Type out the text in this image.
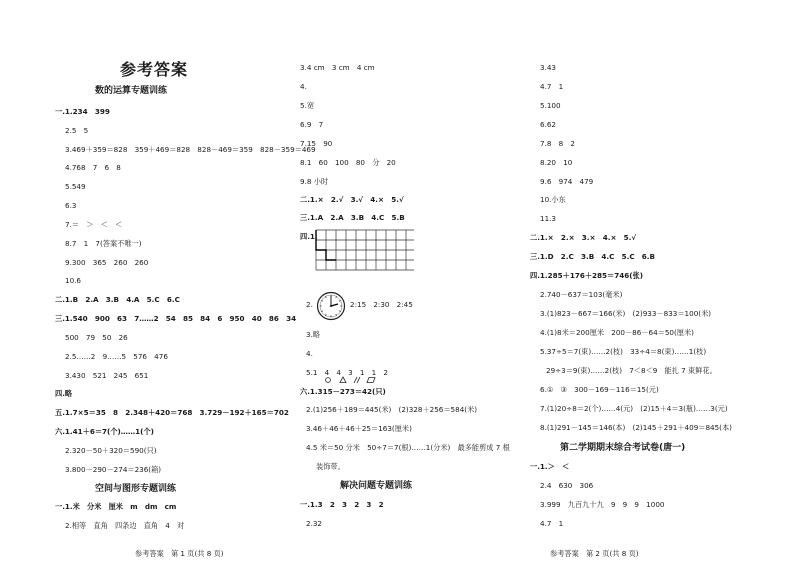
参考答案
数的运算专题训练
一.1.234　399
2.5　5
3.469＋359＝828　359＋469＝828　828－469＝359　828－359＝469
4.768　7　6　8
5.549
6.3
7.＝　＞　＜　＜
8.7　1　7(答案不唯一)
9.300　365　260　260
10.6
二.1.B　2.A　3.B　4.A　5.C　6.C
三.1.540　900　63　7……2　54　85　84　6　950　40　86　34
500　79　50　26
2.5……2　9……5　576　476
3.430　521　245　651
四.略
五.1.7×5＝35　8　2.348＋420＝768　3.729－192＋165＝702
六.1.41＋6＝7(个)……1(个)
2.320－50＋320＝590(只)
3.800－290－274＝236(箱)
空间与图形专题训练
一.1.米　分米　厘米　m　dm　cm
2.相等　直角　四条边　直角　4　对
参考答案　第 1 页(共 8 页)
3.4 cm　3 cm　4 cm
4.
5.宽
6.9　7
7.15　90
8.1　60　100　80　分　20
9.8 小时
二.1.×　2.√　3.√　4.×　5.√
三.1.A　2.A　3.B　4.C　5.B
四.1.
2.	2:15　2:30　2:45
3.略
4.
5.1　4　4　3　1　1　2
六.1.315－273＝42(只)
2.(1)256＋189＝445(米)　(2)328＋256＝584(米)
3.46＋46＋46＋25＝163(厘米)
4.5 米＝50 分米　50÷7＝7(根)……1(分米)　最多能剪成 7 根
装饰带。
解决问题专题训练
一.1.3　2　3　2　3　2
2.32
3.43
4.7　1
5.100
6.62
7.8　8　2
8.20　10
9.6　974　479
10.小东
11.3
二.1.×　2.×　3.×　4.×　5.√
三.1.D　2.C　3.B　4.C　5.C　6.B
四.1.285＋176＋285＝746(张)
2.740－637＝103(毫米)
3.(1)823－667＝166(米)　(2)933－833＝100(米)
4.(1)8米＝200厘米　200－86－64＝50(厘米)
5.37÷5＝7(束)……2(枝)　33÷4＝8(束)……1(枝)
29÷3＝9(束)……2(枝)　7＜8＜9　能扎 7 束鲜花。
6.①　③　300－169－116＝15(元)
7.(1)20÷8＝2(个)……4(元)　(2)15＋4＝3(瓶)……3(元)
8.(1)291－145＝146(本)　(2)145＋291＋409＝845(本)
第二学期期末综合考试卷(唐一)
一.1.＞　＜
2.4　630　306
3.999　九百九十九　9　9　9　1000
4.7　1
参考答案　第 2 页(共 8 页)
